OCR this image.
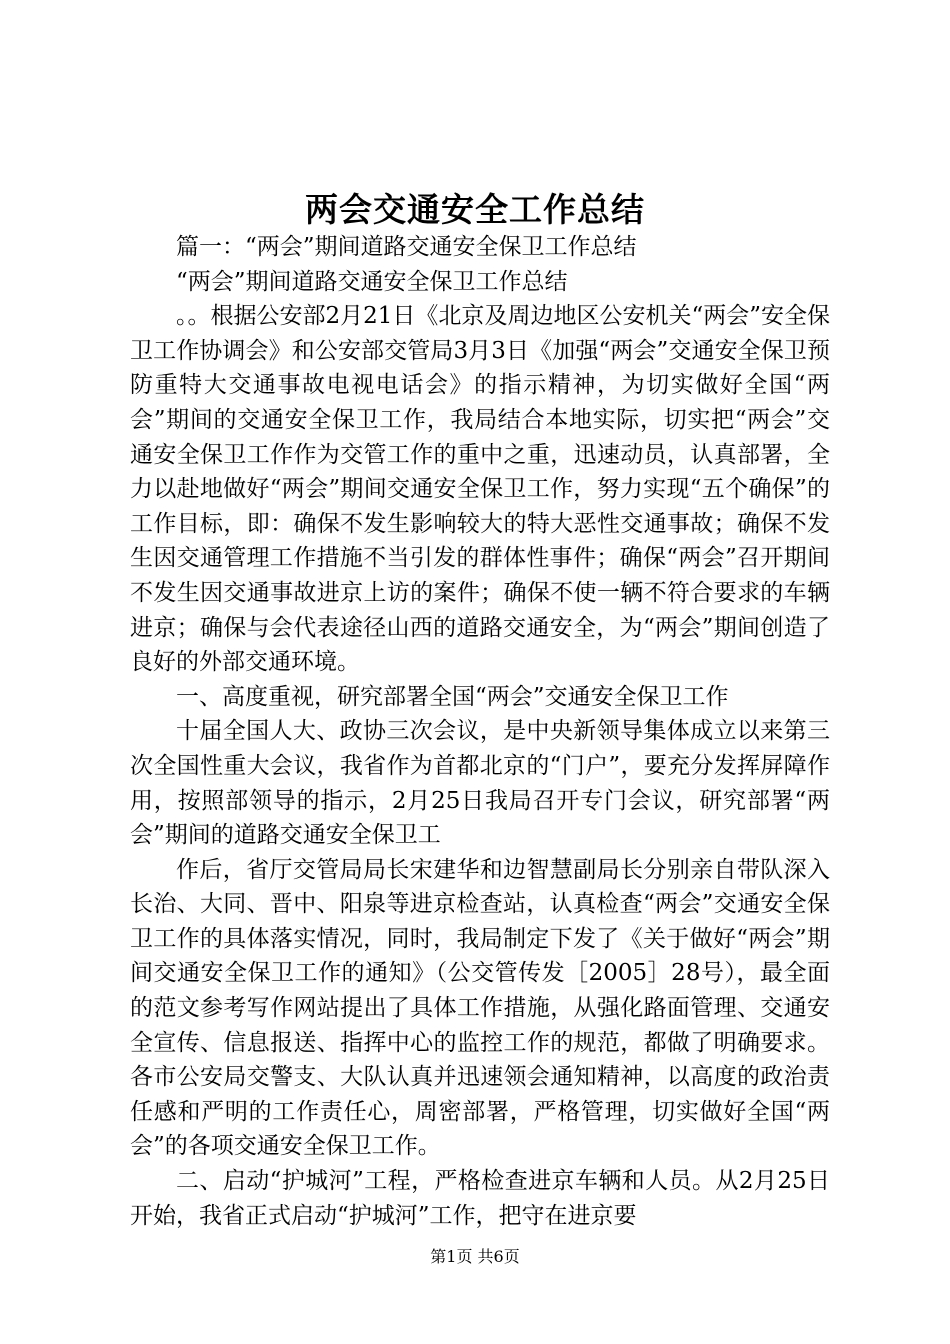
两会交通安全工作总结

篇一：“两会”期间道路交通安全保卫工作总结

“两会”期间道路交通安全保卫工作总结

。。根据公安部2月21日《北京及周边地区公安机关“两会”安全保卫工作协调会》和公安部交管局3月3日《加强“两会”交通安全保卫预防重特大交通事故电视电话会》的指示精神，为切实做好全国“两会”期间的交通安全保卫工作，我局结合本地实际，切实把“两会”交通安全保卫工作作为交管工作的重中之重，迅速动员，认真部署，全力以赴地做好“两会”期间交通安全保卫工作，努力实现“五个确保”的工作目标，即：确保不发生影响较大的特大恶性交通事故；确保不发生因交通管理工作措施不当引发的群体性事件；确保“两会”召开期间不发生因交通事故进京上访的案件；确保不使一辆不符合要求的车辆进京；确保与会代表途径山西的道路交通安全，为“两会”期间创造了良好的外部交通环境。

一、高度重视，研究部署全国“两会”交通安全保卫工作

十届全国人大、政协三次会议，是中央新领导集体成立以来第三次全国性重大会议，我省作为首都北京的“门户”，要充分发挥屏障作用，按照部领导的指示，2月25日我局召开专门会议，研究部署“两会”期间的道路交通安全保卫工

作后，省厅交管局局长宋建华和边智慧副局长分别亲自带队深入长治、大同、晋中、阳泉等进京检查站，认真检查“两会”交通安全保卫工作的具体落实情况，同时，我局制定下发了《关于做好“两会”期间交通安全保卫工作的通知》（公交管传发［2005］28号），最全面的范文参考写作网站提出了具体工作措施，从强化路面管理、交通安全宣传、信息报送、指挥中心的监控工作的规范，都做了明确要求。各市公安局交警支、大队认真并迅速领会通知精神，以高度的政治责任感和严明的工作责任心，周密部署，严格管理，切实做好全国“两会”的各项交通安全保卫工作。

二、启动“护城河”工程，严格检查进京车辆和人员。从2月25日开始，我省正式启动“护城河”工作，把守在进京要

第1页 共6页
